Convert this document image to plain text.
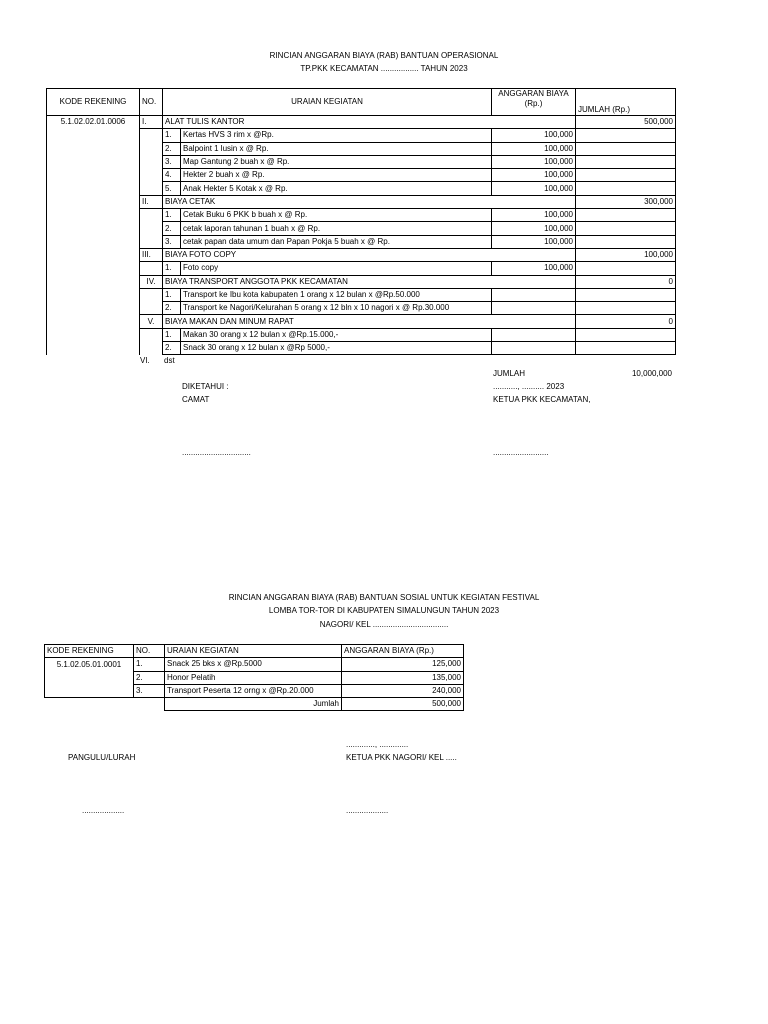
RINCIAN ANGGARAN BIAYA (RAB) BANTUAN OPERASIONAL
TP.PKK KECAMATAN ................. TAHUN 2023
KODE REKENING	NO.	URAIAN KEGIATAN		ANGGARAN BIAYA (Rp.)	JUMLAH (Rp.)
5.1.02.02.01.0006	I.	ALAT TULIS KANTOR			500,000
		1.	Kertas HVS 3 rim x @Rp.	100,000	
		2.	Balpoint 1 lusin x @ Rp.	100,000	
		3.	Map Gantung 2 buah x @ Rp.	100,000	
		4.	Hekter 2 buah x @ Rp.	100,000	
		5.	Anak Hekter 5 Kotak x @ Rp.	100,000	
	II.	BIAYA CETAK			300,000
		1.	Cetak Buku 6 PKK b buah x @ Rp.	100,000	
		2.	cetak laporan tahunan 1 buah x @ Rp.	100,000	
		3.	cetak papan data umum dan Papan Pokja 5 buah x @ Rp.	100,000	
	III.	BIAYA FOTO COPY			100,000
		1.	Foto copy	100,000	
	IV.	BIAYA TRANSPORT ANGGOTA PKK KECAMATAN			0
		1.	Transport ke Ibu kota kabupaten 1 orang x 12 bulan x @Rp.50.000		
		2.	Transport ke Nagori/Kelurahan 5 orang x 12 bln x 10 nagori x @ Rp.30.000		
	V.	BIAYA MAKAN DAN MINUM RAPAT			0
		1.	Makan 30 orang x 12 bulan x @Rp.15.000,-		
		2.	Snack 30 orang x 12 bulan x @Rp 5000,-		
VI. dst
JUMLAH	10,000,000
DIKETAHUI :	..........., .......... 2023
CAMAT	KETUA PKK KECAMATAN,
...............................	.........................
RINCIAN ANGGARAN BIAYA (RAB) BANTUAN SOSIAL UNTUK KEGIATAN FESTIVAL
LOMBA TOR-TOR DI KABUPATEN SIMALUNGUN TAHUN 2023
NAGORI/ KEL ..................................
KODE REKENING	NO.	URAIAN KEGIATAN	ANGGARAN BIAYA (Rp.)
5.1.02.05.01.0001	1.	Snack 25 bks x @Rp.5000	125,000
	2.	Honor Pelatih	135,000
	3.	Transport Peserta 12 orng x @Rp.20.000	240,000
		Jumlah	500,000
............., .............
PANGULU/LURAH	KETUA PKK NAGORI/ KEL .....
...................	...................
